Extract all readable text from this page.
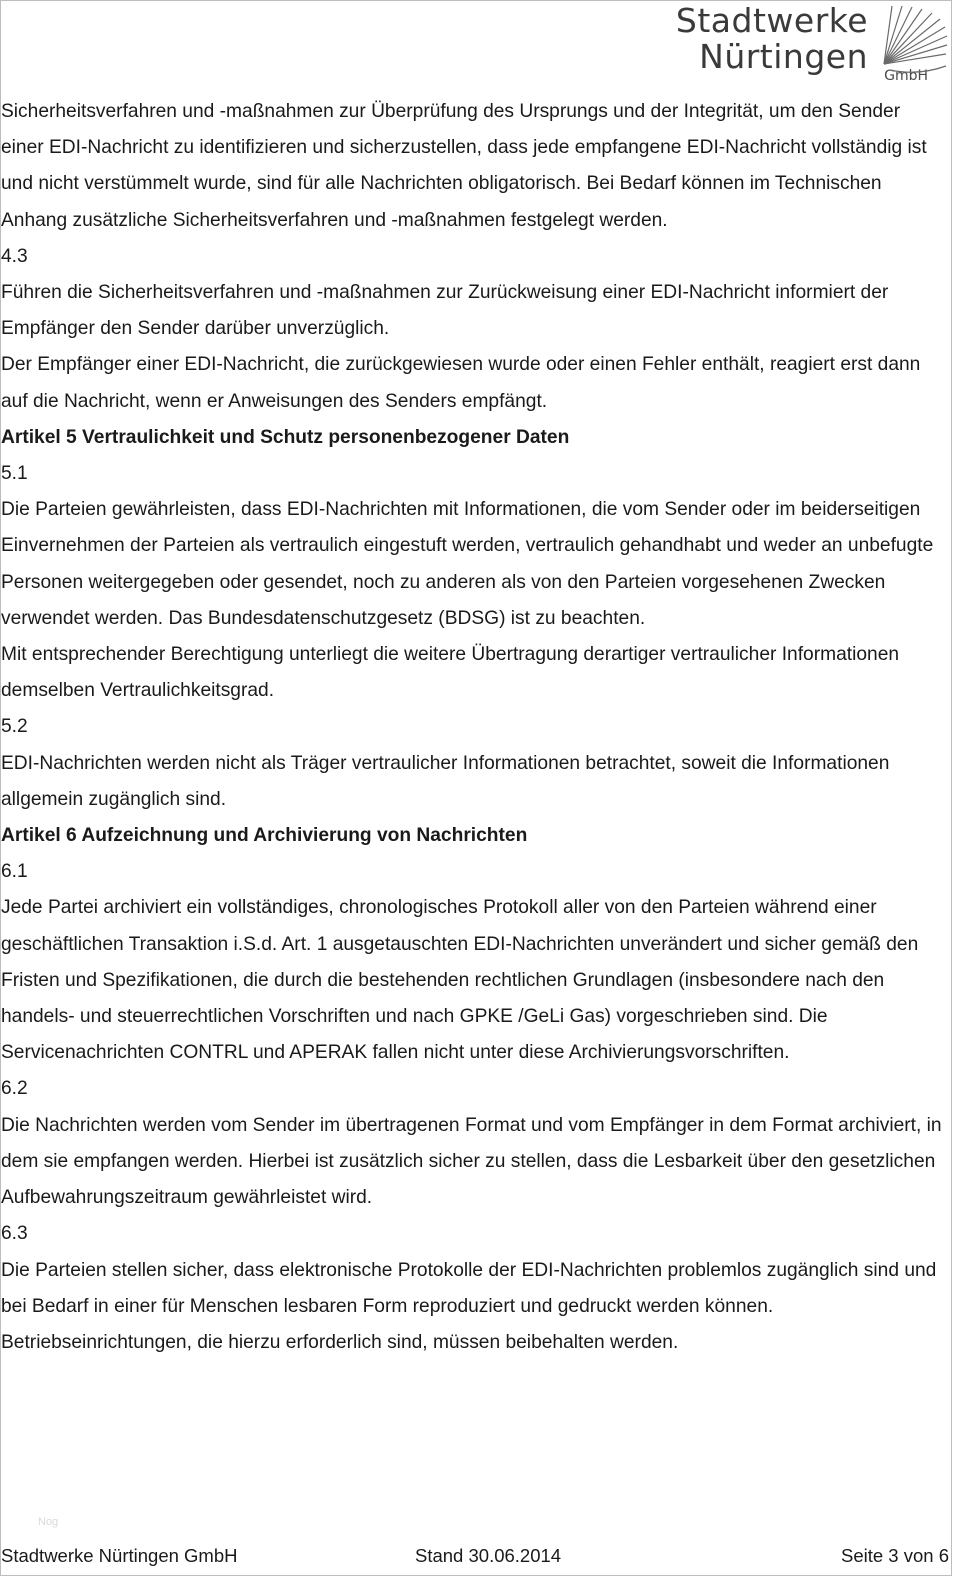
Stadtwerke
Nürtingen GmbH

Sicherheitsverfahren und -maßnahmen zur Überprüfung des Ursprungs und der Integrität, um den Sender einer EDI-Nachricht zu identifizieren und sicherzustellen, dass jede empfangene EDI-Nachricht vollständig ist und nicht verstümmelt wurde, sind für alle Nachrichten obligatorisch. Bei Bedarf können im Technischen Anhang zusätzliche Sicherheitsverfahren und -maßnahmen festgelegt werden.

4.3

Führen die Sicherheitsverfahren und -maßnahmen zur Zurückweisung einer EDI-Nachricht informiert der Empfänger den Sender darüber unverzüglich.

Der Empfänger einer EDI-Nachricht, die zurückgewiesen wurde oder einen Fehler enthält, reagiert erst dann auf die Nachricht, wenn er Anweisungen des Senders empfängt.

Artikel 5 Vertraulichkeit und Schutz personenbezogener Daten

5.1

Die Parteien gewährleisten, dass EDI-Nachrichten mit Informationen, die vom Sender oder im beiderseitigen Einvernehmen der Parteien als vertraulich eingestuft werden, vertraulich gehandhabt und weder an unbefugte Personen weitergegeben oder gesendet, noch zu anderen als von den Parteien vorgesehenen Zwecken verwendet werden. Das Bundesdatenschutzgesetz (BDSG) ist zu beachten.

Mit entsprechender Berechtigung unterliegt die weitere Übertragung derartiger vertraulicher Informationen demselben Vertraulichkeitsgrad.

5.2

EDI-Nachrichten werden nicht als Träger vertraulicher Informationen betrachtet, soweit die Informationen allgemein zugänglich sind.

Artikel 6 Aufzeichnung und Archivierung von Nachrichten

6.1

Jede Partei archiviert ein vollständiges, chronologisches Protokoll aller von den Parteien während einer geschäftlichen Transaktion i.S.d. Art. 1 ausgetauschten EDI-Nachrichten unverändert und sicher gemäß den Fristen und Spezifikationen, die durch die bestehenden rechtlichen Grundlagen (insbesondere nach den handels- und steuerrechtlichen Vorschriften und nach GPKE /GeLi Gas) vorgeschrieben sind. Die Servicenachrichten CONTRL und APERAK fallen nicht unter diese Archivierungsvorschriften.

6.2

Die Nachrichten werden vom Sender im übertragenen Format und vom Empfänger in dem Format archiviert, in dem sie empfangen werden. Hierbei ist zusätzlich sicher zu stellen, dass die Lesbarkeit über den gesetzlichen Aufbewahrungszeitraum gewährleistet wird.

6.3

Die Parteien stellen sicher, dass elektronische Protokolle der EDI-Nachrichten problemlos zugänglich sind und bei Bedarf in einer für Menschen lesbaren Form reproduziert und gedruckt werden können. Betriebseinrichtungen, die hierzu erforderlich sind, müssen beibehalten werden.

Nog
Stadtwerke Nürtingen GmbH	Stand 30.06.2014	Seite 3 von 6
